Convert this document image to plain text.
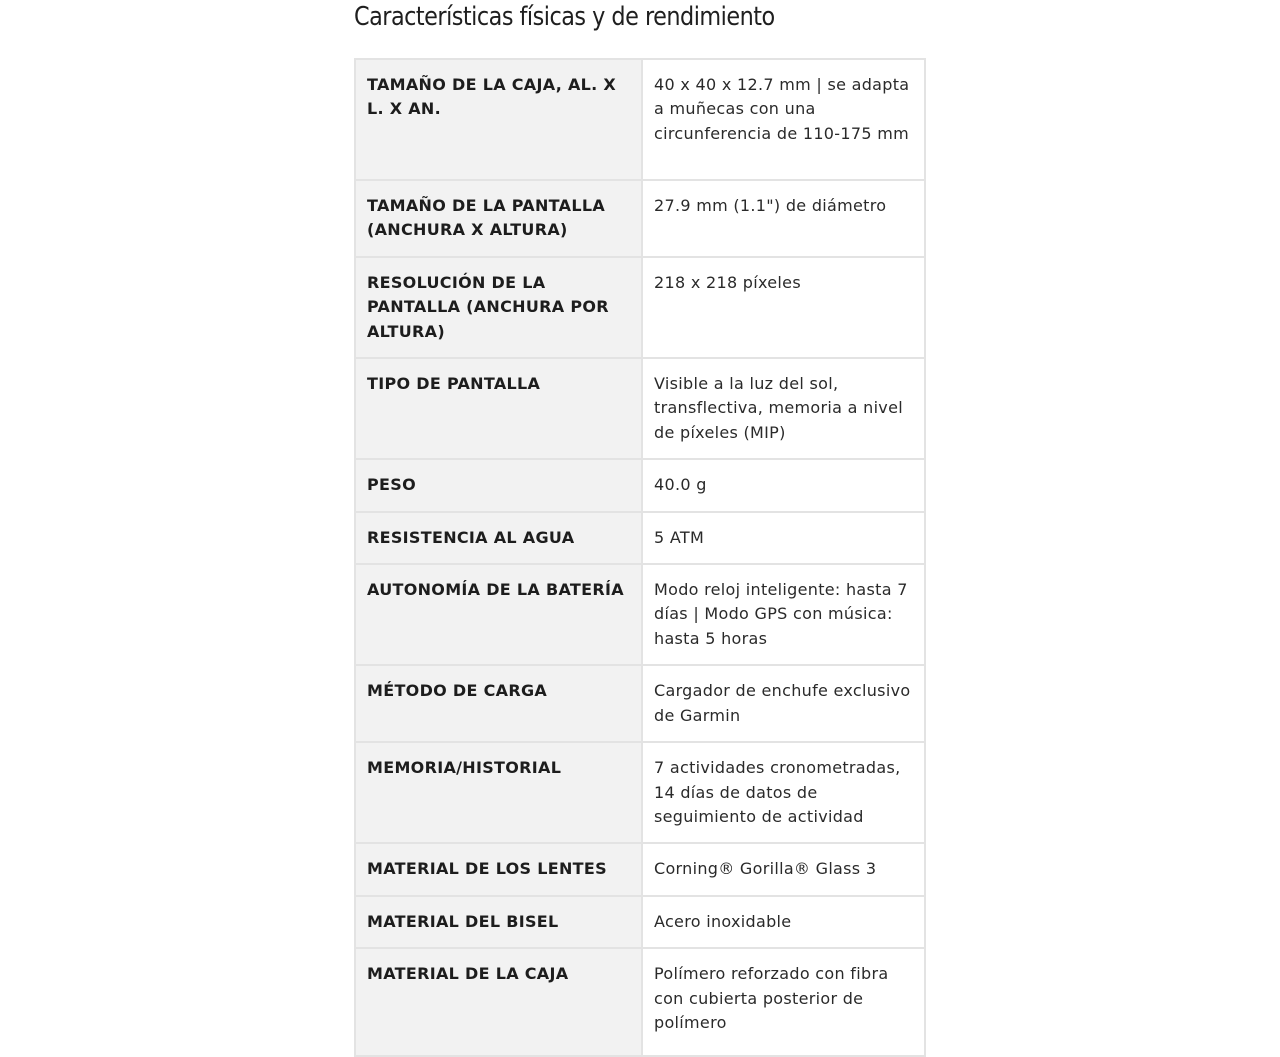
Características físicas y de rendimiento
TAMAÑO DE LA CAJA, AL. X L. X AN.	40 x 40 x 12.7 mm | se adapta a muñecas con una circunferencia de 110-175 mm
TAMAÑO DE LA PANTALLA (ANCHURA X ALTURA)	27.9 mm (1.1") de diámetro
RESOLUCIÓN DE LA PANTALLA (ANCHURA POR ALTURA)	218 x 218 píxeles
TIPO DE PANTALLA	Visible a la luz del sol, transflectiva, memoria a nivel de píxeles (MIP)
PESO	40.0 g
RESISTENCIA AL AGUA	5 ATM
AUTONOMÍA DE LA BATERÍA	Modo reloj inteligente: hasta 7 días | Modo GPS con música: hasta 5 horas
MÉTODO DE CARGA	Cargador de enchufe exclusivo de Garmin
MEMORIA/HISTORIAL	7 actividades cronometradas, 14 días de datos de seguimiento de actividad
MATERIAL DE LOS LENTES	Corning® Gorilla® Glass 3
MATERIAL DEL BISEL	Acero inoxidable
MATERIAL DE LA CAJA	Polímero reforzado con fibra con cubierta posterior de polímero
